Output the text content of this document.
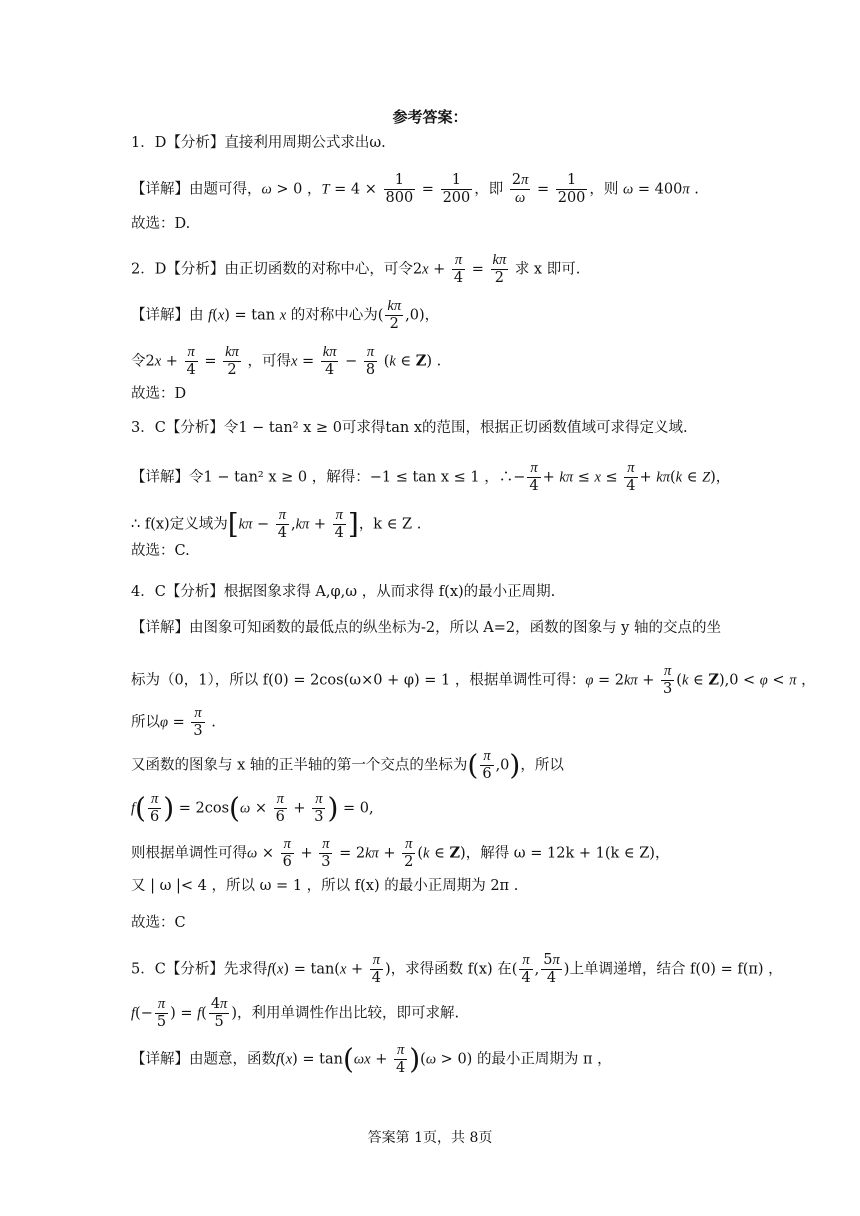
参考答案：
1．D【分析】直接利用周期公式求出ω.
【详解】由题可得，ω > 0 ，$T = 4 \times \frac{1}{800} = \frac{1}{200}$ ，即 $\frac{2\pi}{\omega} = \frac{1}{200}$ ，则 ω = 400π .
故选：D.
2．D【分析】由正切函数的对称中心，可令$2x + \frac{\pi}{4} = \frac{k\pi}{2}$ 求 x 即可.
【详解】由 f(x) = tan x 的对称中心为( $\frac{k\pi}{2} ,0$)，
令$2x + \frac{\pi}{4} = \frac{k\pi}{2}$ ，可得$x = \frac{k\pi}{4} - \frac{\pi}{8} (k$ ∈ Z) .
故选：D
3．C【分析】令1 − tan² x ≥ 0可求得tan x的范围，根据正切函数值域可求得定义域.
【详解】令1 − tan² x ≥ 0 ，解得：−1 ≤ tan x ≤ 1 ，∴− $\frac{\pi}{4} + k\pi \le x \le \frac{\pi}{4} + k\pi(k$ ∈ Z)，
∴ f(x)定义域为[$k\pi - \frac{\pi}{4} ,k\pi + \frac{\pi}{4}$ ]，k ∈ Z .
故选：C.
4．C【分析】根据图象求得 A,φ,ω ，从而求得 f(x)的最小正周期.
【详解】由图象可知函数的最低点的纵坐标为-2，所以 A=2，函数的图象与 y 轴的交点的坐
标为（0，1），所以 f(0) = 2cos(ω×0 + φ) = 1 ，根据单调性可得：$\varphi = 2k\pi + \frac{\pi}{3} (k$ ∈ Z),0 < φ < π ，
所以$\varphi = \frac{\pi}{3}$ .
又函数的图象与 x 轴的正半轴的第一个交点的坐标为( $\frac{\pi}{6} ,0$)，所以
$f( \frac{\pi}{6}$ ) = $2\cos(\omega \times \frac{\pi}{6} + \frac{\pi}{3}$ ) = 0,
则根据单调性可得$\omega \times \frac{\pi}{6} + \frac{\pi}{3} = 2k\pi + \frac{\pi}{2} (k$ ∈ Z)，解得 ω = 12k + 1(k ∈ Z)，
又 | ω |< 4 ，所以 ω = 1 ，所以 f(x) 的最小正周期为 2π .
故选：C
5．C【分析】先求得$f(x) = \tan(x + \frac{\pi}{4}$ )，求得函数 f(x) 在( $\frac{\pi}{4}$ , $\frac{5\pi}{4}$ )上单调递增，结合 f(0) = f(π) ，
$f(- \frac{\pi}{5}$ ) = $f( \frac{4\pi}{5}$ )，利用单调性作出比较，即可求解.
【详解】由题意，函数$f(x) = \tan(\omega x + \frac{\pi}{4} )(\omega > 0)$ 的最小正周期为 π ，
答案第 1页，共 8页
